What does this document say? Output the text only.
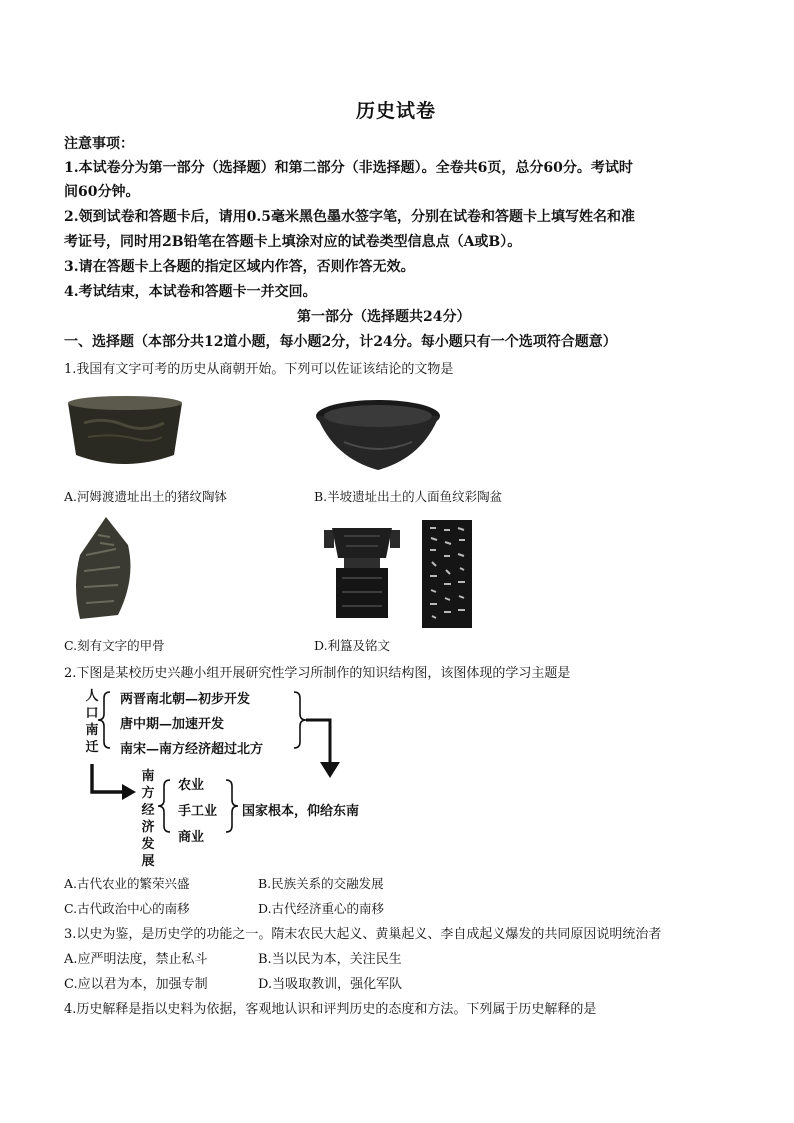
历史试卷
注意事项：
1.本试卷分为第一部分（选择题）和第二部分（非选择题）。全卷共6页，总分60分。考试时
间60分钟。
2.领到试卷和答题卡后，请用0.5毫米黑色墨水签字笔，分别在试卷和答题卡上填写姓名和准
考证号，同时用2B铅笔在答题卡上填涂对应的试卷类型信息点（A或B）。
3.请在答题卡上各题的指定区域内作答，否则作答无效。
4.考试结束，本试卷和答题卡一并交回。
第一部分（选择题共24分）
一、选择题（本部分共12道小题，每小题2分，计24分。每小题只有一个选项符合题意）
1.我国有文字可考的历史从商朝开始。下列可以佐证该结论的文物是
A.河姆渡遗址出土的猪纹陶钵	B.半坡遗址出土的人面鱼纹彩陶盆
C.刻有文字的甲骨	D.利簋及铭文
2.下图是某校历史兴趣小组开展研究性学习所制作的知识结构图，该图体现的学习主题是
人口南迁
两晋南北朝—初步开发
唐中期—加速开发
南宋—南方经济超过北方
南方经济发展
农业
手工业
商业
国家根本，仰给东南
A.古代农业的繁荣兴盛	B.民族关系的交融发展
C.古代政治中心的南移	D.古代经济重心的南移
3.以史为鉴，是历史学的功能之一。隋末农民大起义、黄巢起义、李自成起义爆发的共同原因说明统治者
A.应严明法度，禁止私斗	B.当以民为本，关注民生
C.应以君为本，加强专制	D.当吸取教训，强化军队
4.历史解释是指以史料为依据，客观地认识和评判历史的态度和方法。下列属于历史解释的是
